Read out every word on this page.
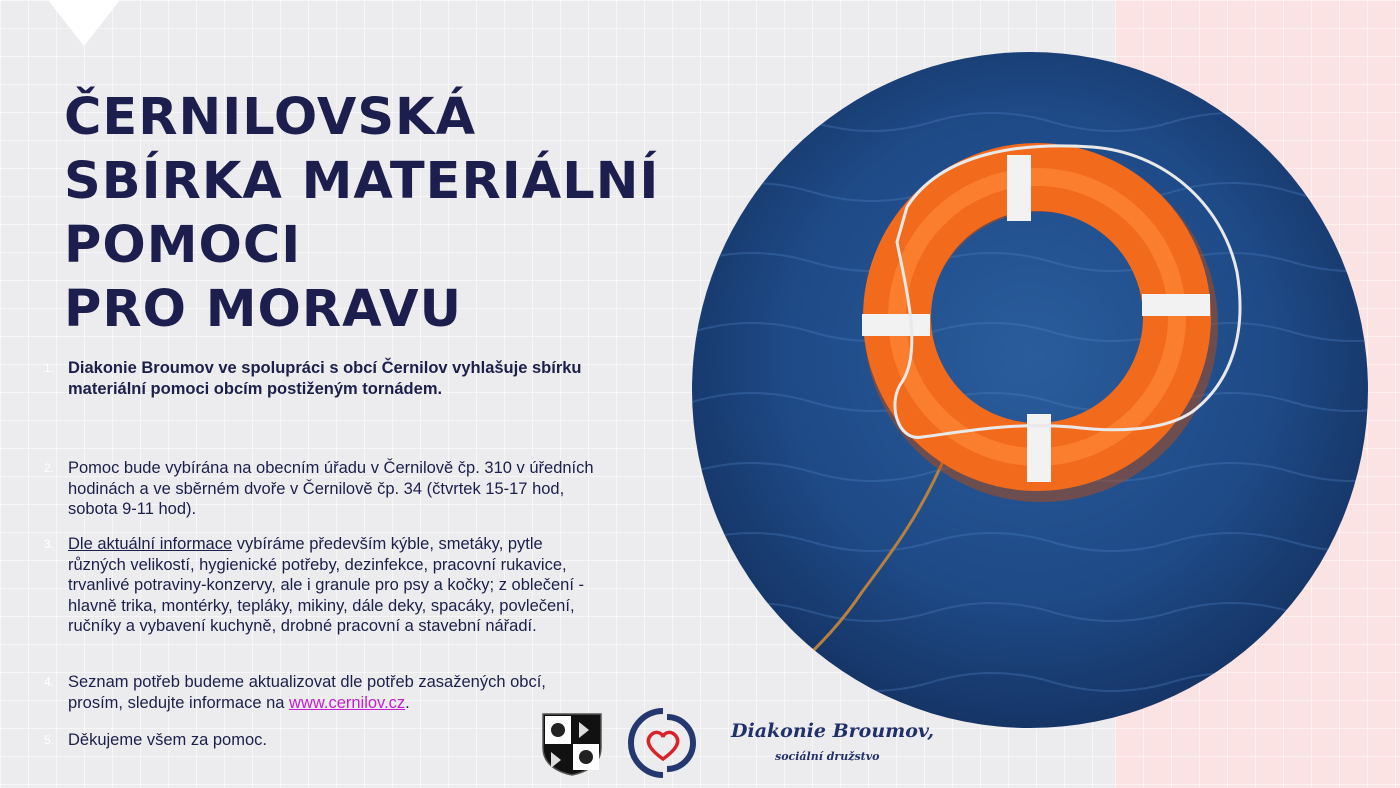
ČERNILOVSKÁ
SBÍRKA MATERIÁLNÍ
POMOCI
PRO MORAVU
1. Diakonie Broumov ve spolupráci s obcí Černilov vyhlašuje sbírku materiální pomoci obcím postiženým tornádem.
2. Pomoc bude vybírána na obecním úřadu v Černilově čp. 310 v úředních hodinách a ve sběrném dvoře v Černilově čp. 34 (čtvrtek 15-17 hod, sobota 9-11 hod).
3. Dle aktuální informace vybíráme především kýble, smetáky, pytle různých velikostí, hygienické potřeby, dezinfekce, pracovní rukavice, trvanlivé potraviny-konzervy, ale i granule pro psy a kočky; z oblečení - hlavně trika, montérky, tepláky, mikiny, dále deky, spacáky, povlečení, ručníky a vybavení kuchyně, drobné pracovní a stavební nářadí.
4. Seznam potřeb budeme aktualizovat dle potřeb zasažených obcí, prosím, sledujte informace na www.cernilov.cz.
5. Děkujeme všem za pomoc.	Diakonie Broumov,
sociální družstvo
